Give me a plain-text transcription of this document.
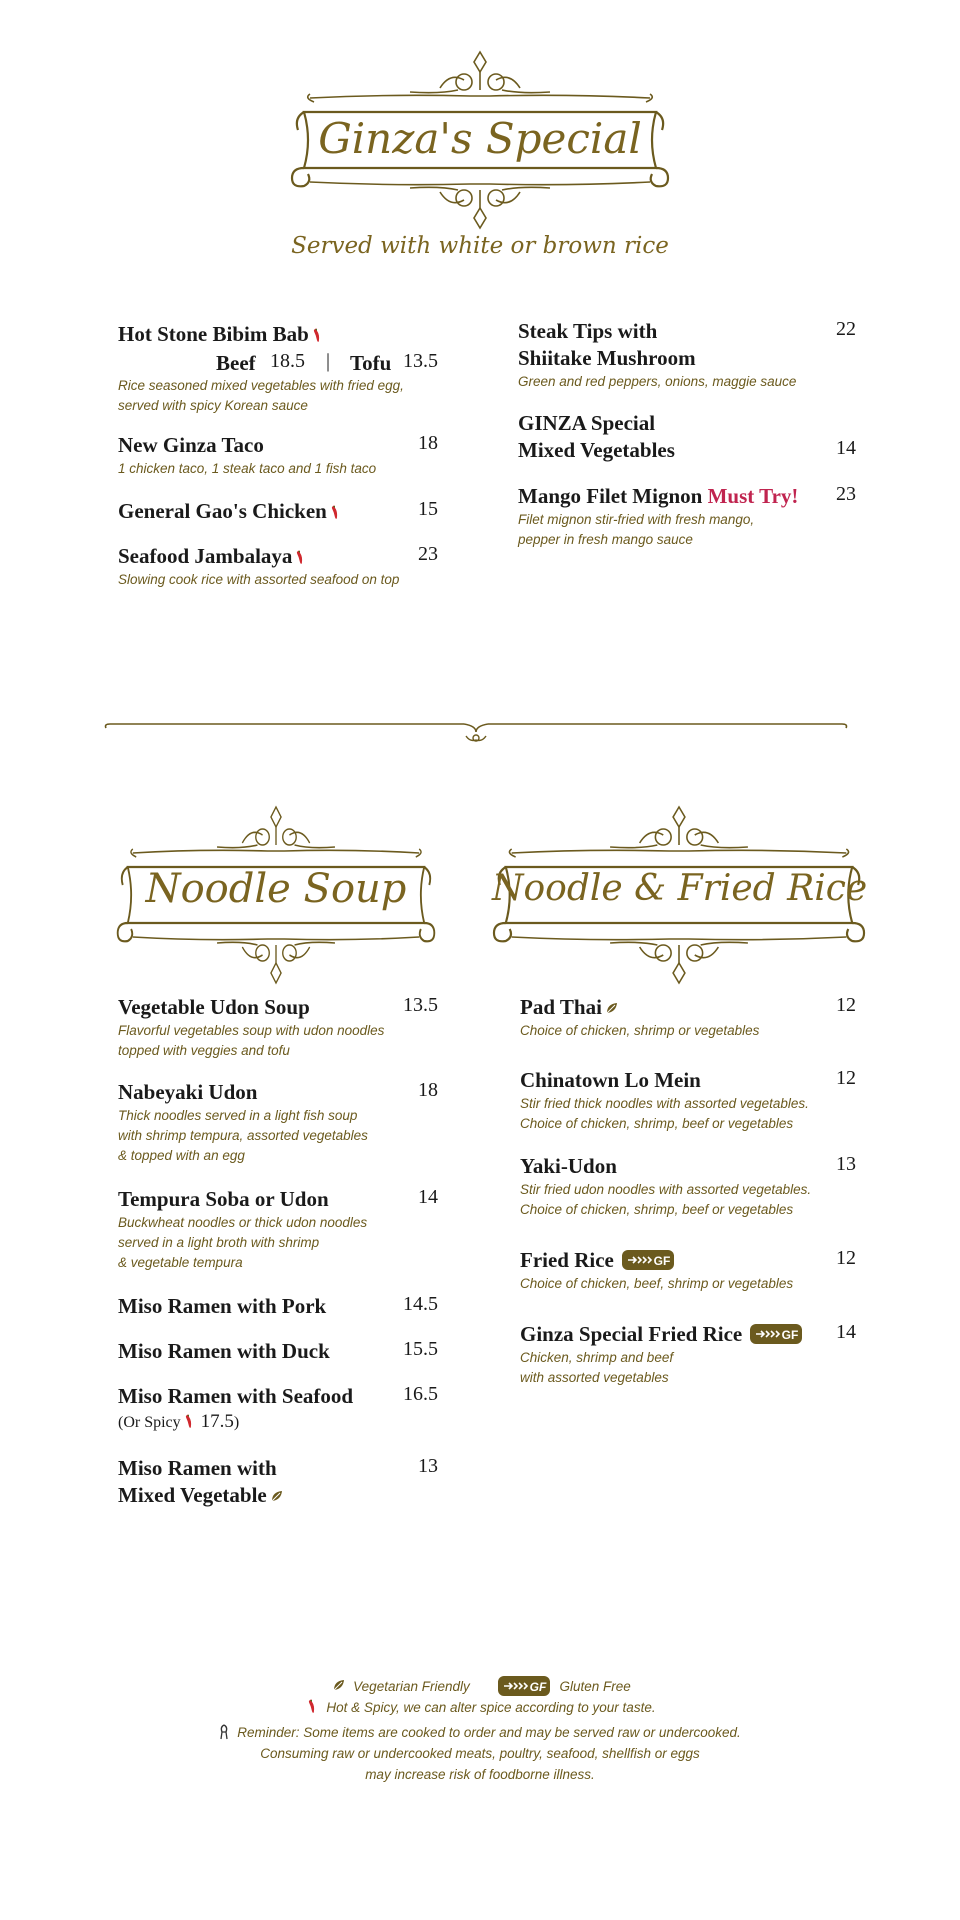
Ginza's Special
Served with white or brown rice
Hot Stone Bibim Bab
Beef 18.5 | Tofu 13.5
Rice seasoned mixed vegetables with fried egg,
served with spicy Korean sauce
New Ginza Taco	18
1 chicken taco, 1 steak taco and 1 fish taco
General Gao's Chicken	15
Seafood Jambalaya	23
Slowing cook rice with assorted seafood on top
Steak Tips with
Shiitake Mushroom
22
Green and red peppers, onions, maggie sauce
GINZA Special
Mixed Vegetables	14
Mango Filet Mignon Must Try!	23
Filet mignon stir-fried with fresh mango,
pepper in fresh mango sauce
Noodle Soup
Vegetable Udon Soup	13.5
Flavorful vegetables soup with udon noodles
topped with veggies and tofu
Nabeyaki Udon	18
Thick noodles served in a light fish soup
with shrimp tempura, assorted vegetables
& topped with an egg
Tempura Soba or Udon	14
Buckwheat noodles or thick udon noodles
served in a light broth with shrimp
& vegetable tempura
Miso Ramen with Pork	14.5
Miso Ramen with Duck	15.5
Miso Ramen with Seafood	16.5
(Or Spicy 17.5)
Miso Ramen with
Mixed Vegetable
13
Noodle & Fried Rice
Pad Thai	12
Choice of chicken, shrimp or vegetables
Chinatown Lo Mein	12
Stir fried thick noodles with assorted vegetables.
Choice of chicken, shrimp, beef or vegetables
Yaki-Udon	13
Stir fried udon noodles with assorted vegetables.
Choice of chicken, shrimp, beef or vegetables
Fried Rice	12
Choice of chicken, beef, shrimp or vegetables
Ginza Special Fried Rice	14
Chicken, shrimp and beef
with assorted vegetables
Vegetarian Friendly	Gluten Free
Hot & Spicy, we can alter spice according to your taste.
Reminder: Some items are cooked to order and may be served raw or undercooked.
Consuming raw or undercooked meats, poultry, seafood, shellfish or eggs
may increase risk of foodborne illness.
